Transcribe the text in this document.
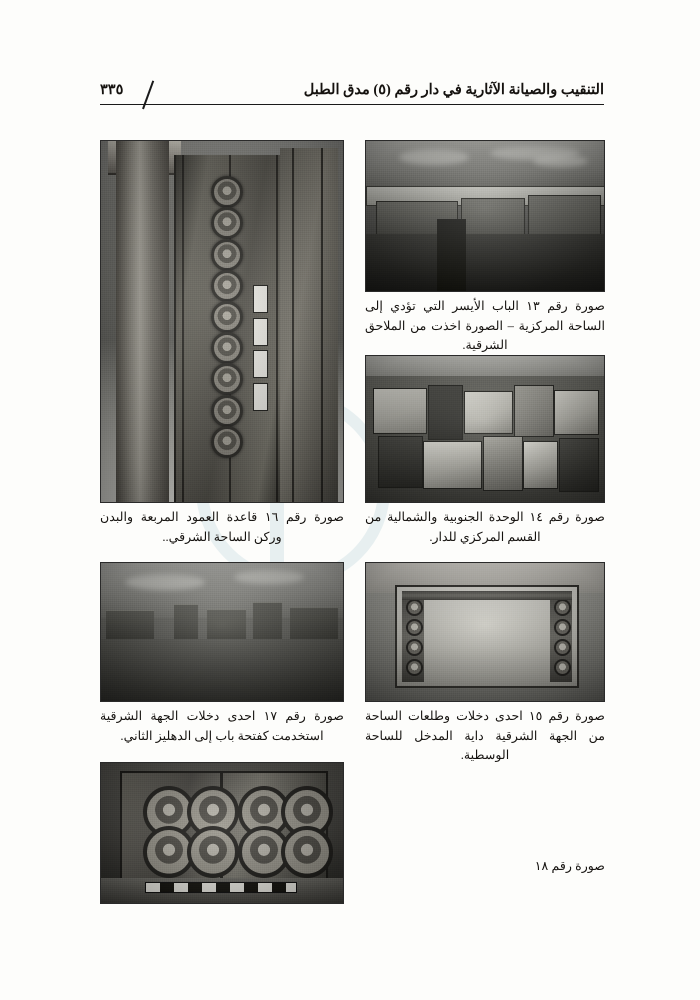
التنقيب والصيانة الآثارية في دار رقم (٥) مدق الطبل
٣٣٥
صورة رقم ١٦ قاعدة العمود المربعة والبدن وركن الساحة الشرقي..
صورة رقم ١٣ الباب الأيسر التي تؤدي إلى الساحة المركزية – الصورة اخذت من الملاحق الشرقية.
صورة رقم ١٤ الوحدة الجنوبية والشمالية من القسم المركزي للدار.
صورة رقم ١٧ احدى دخلات الجهة الشرقية استخدمت كفتحة باب إلى الدهليز الثاني.
صورة رقم ١٥ احدى دخلات وطلعات الساحة من الجهة الشرقية داية المدخل للساحة الوسطية.
صورة رقم ١٨
